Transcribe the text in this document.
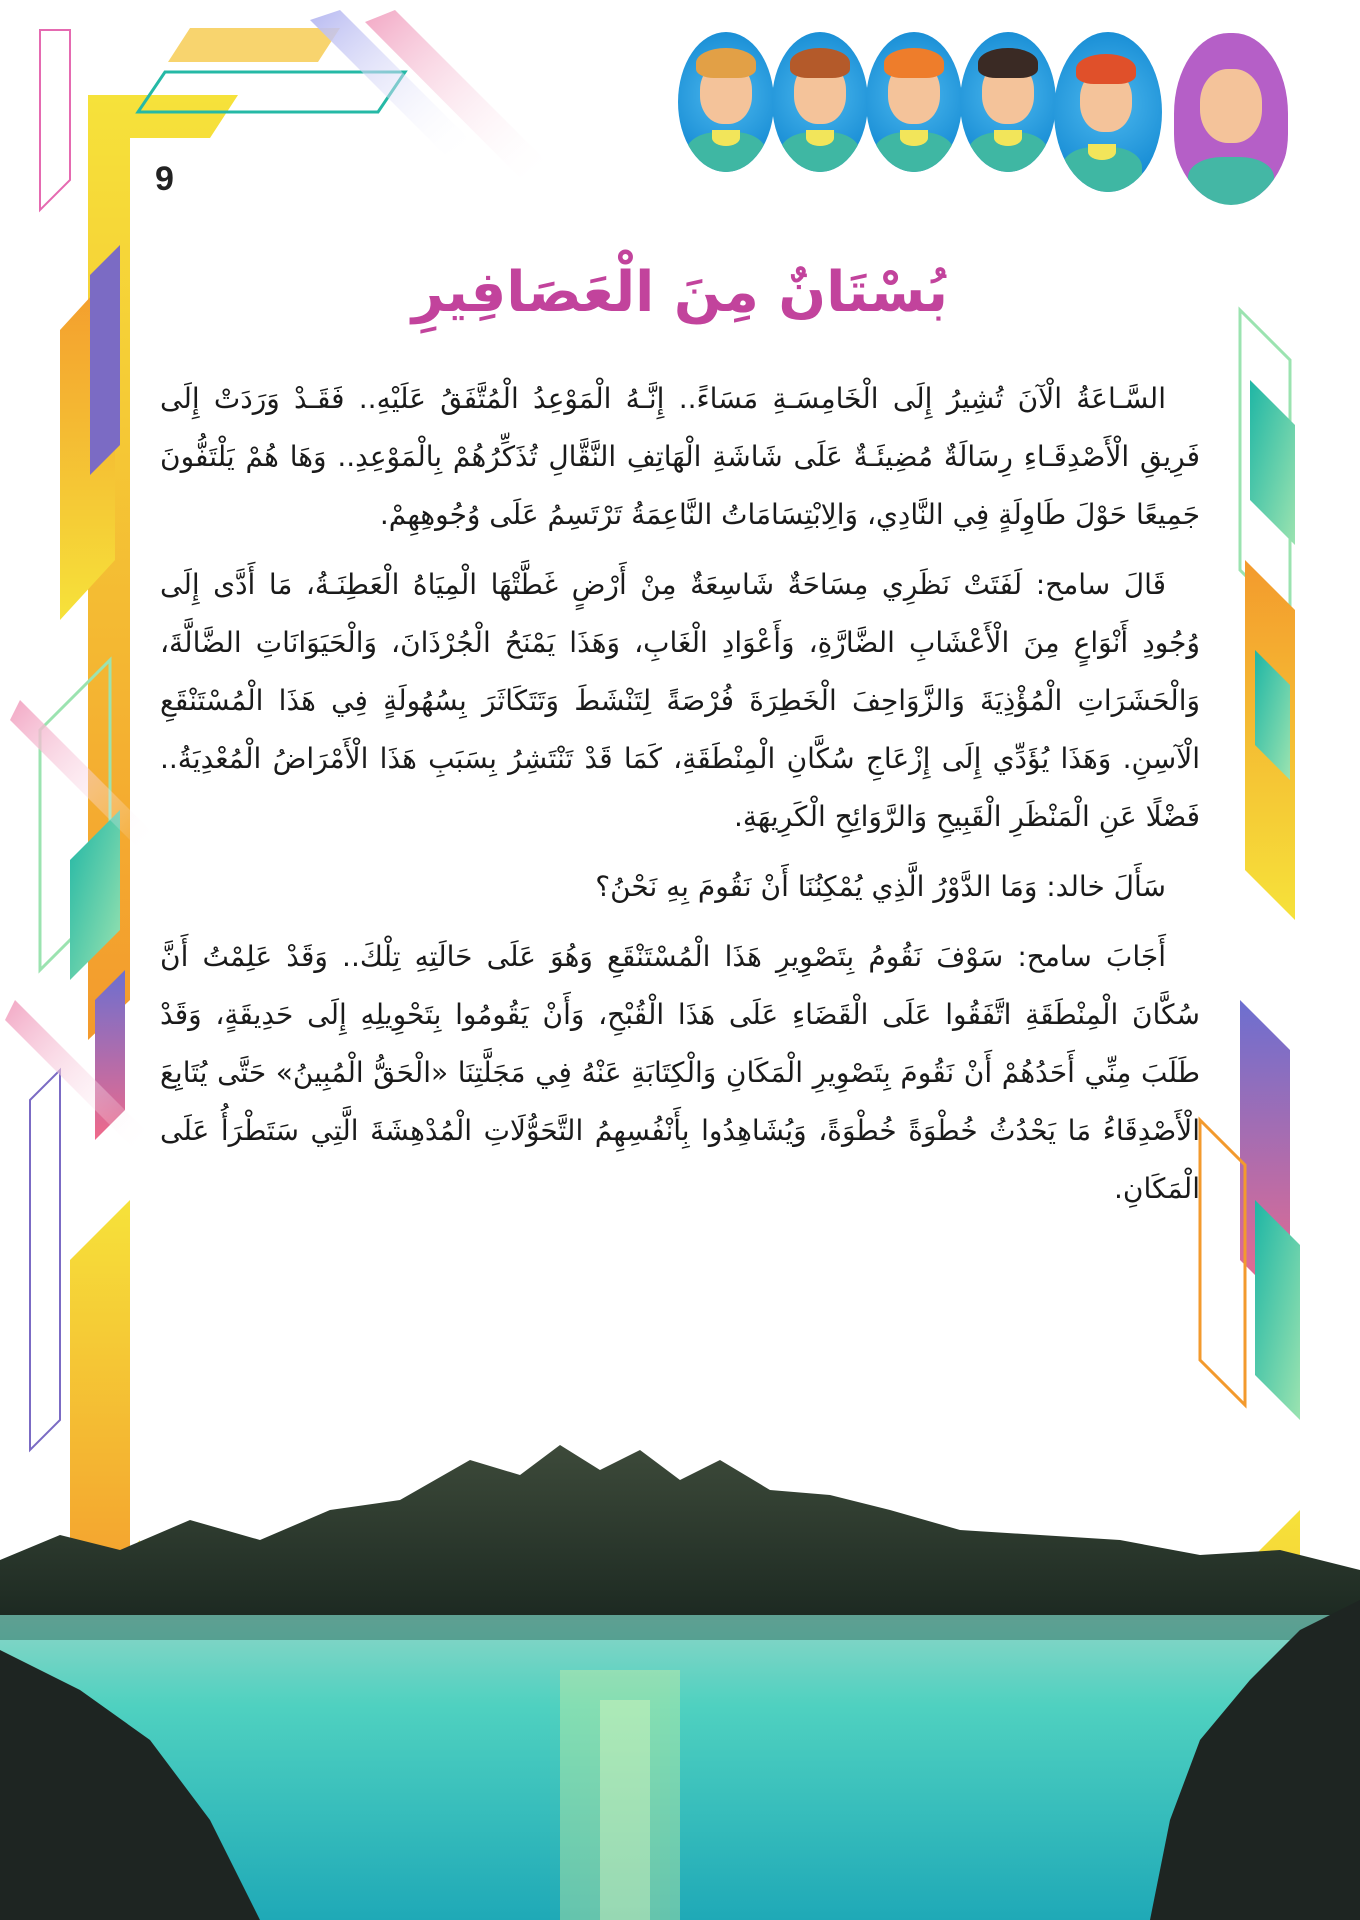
9
بُسْتَانٌ مِنَ الْعَصَافِيرِ

السَّـاعَةُ الْآنَ تُشِيرُ إِلَى الْخَامِسَـةِ مَسَاءً.. إِنَّـهُ الْمَوْعِدُ الْمُتَّفَقُ عَلَيْهِ.. فَقَـدْ وَرَدَتْ إِلَى فَرِيقِ الْأَصْدِقَـاءِ رِسَالَةٌ مُضِيئَـةٌ عَلَى شَاشَةِ الْهَاتِفِ النَّقَّالِ تُذَكِّرُهُمْ بِالْمَوْعِدِ.. وَهَا هُمْ يَلْتَفُّونَ جَمِيعًا حَوْلَ طَاوِلَةٍ فِي النَّادِي، وَالِابْتِسَامَاتُ النَّاعِمَةُ تَرْتَسِمُ عَلَى وُجُوهِهِمْ.

قَالَ سامح: لَفَتَتْ نَظَرِي مِسَاحَةٌ شَاسِعَةٌ مِنْ أَرْضٍ غَطَّتْهَا الْمِيَاهُ الْعَطِنَـةُ، مَا أَدَّى إِلَى وُجُودِ أَنْوَاعٍ مِنَ الْأَعْشَابِ الضَّارَّةِ، وَأَعْوَادِ الْغَابِ، وَهَذَا يَمْنَحُ الْجُرْذَانَ، وَالْحَيَوَانَاتِ الضَّالَّةَ، وَالْحَشَرَاتِ الْمُؤْذِيَةَ وَالزَّوَاحِفَ الْخَطِرَةَ فُرْصَةً لِتَنْشَطَ وَتَتَكَاثَرَ بِسُهُولَةٍ فِي هَذَا الْمُسْتَنْقَعِ الْآسِنِ. وَهَذَا يُؤَدِّي إِلَى إِزْعَاجِ سُكَّانِ الْمِنْطَقَةِ، كَمَا قَدْ تَنْتَشِرُ بِسَبَبِ هَذَا الْأَمْرَاضُ الْمُعْدِيَةُ.. فَضْلًا عَنِ الْمَنْظَرِ الْقَبِيحِ وَالرَّوَائِحِ الْكَرِيهَةِ.

سَأَلَ خالد: وَمَا الدَّوْرُ الَّذِي يُمْكِنُنَا أَنْ نَقُومَ بِهِ نَحْنُ؟

أَجَابَ سامح: سَوْفَ نَقُومُ بِتَصْوِيرِ هَذَا الْمُسْتَنْقَعِ وَهُوَ عَلَى حَالَتِهِ تِلْكَ.. وَقَدْ عَلِمْتُ أَنَّ سُكَّانَ الْمِنْطَقَةِ اتَّفَقُوا عَلَى الْقَضَاءِ عَلَى هَذَا الْقُبْحِ، وَأَنْ يَقُومُوا بِتَحْوِيلِهِ إِلَى حَدِيقَةٍ، وَقَدْ طَلَبَ مِنِّي أَحَدُهُمْ أَنْ نَقُومَ بِتَصْوِيرِ الْمَكَانِ وَالْكِتَابَةِ عَنْهُ فِي مَجَلَّتِنَا «الْحَقُّ الْمُبِينُ» حَتَّى يُتَابِعَ الْأَصْدِقَاءُ مَا يَحْدُثُ خُطْوَةً خُطْوَةً، وَيُشَاهِدُوا بِأَنْفُسِهِمُ التَّحَوُّلَاتِ الْمُدْهِشَةَ الَّتِي سَتَطْرَأُ عَلَى الْمَكَانِ.
